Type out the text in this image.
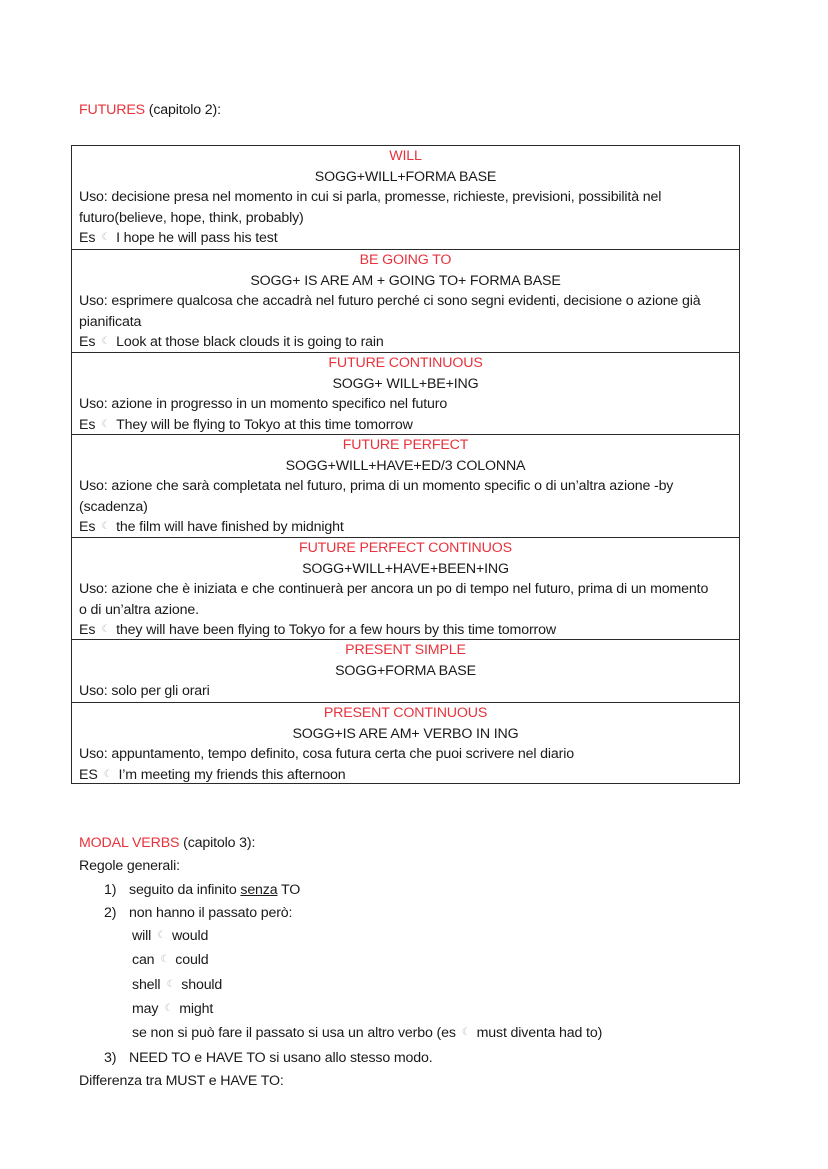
FUTURES (capitolo 2):
WILL
SOGG+WILL+FORMA BASE
Uso: decisione presa nel momento in cui si parla, promesse, richieste, previsioni, possibilità nel futuro(believe, hope, think, probably)
Es ☾ I hope he will pass his test
BE GOING TO
SOGG+ IS ARE AM + GOING TO+ FORMA BASE
Uso: esprimere qualcosa che accadrà nel futuro perché ci sono segni evidenti, decisione o azione già pianificata
Es ☾ Look at those black clouds it is going to rain
FUTURE CONTINUOUS
SOGG+ WILL+BE+ING
Uso: azione in progresso in un momento specifico nel futuro
Es ☾ They will be flying to Tokyo at this time tomorrow
FUTURE PERFECT
SOGG+WILL+HAVE+ED/3 COLONNA
Uso: azione che sarà completata nel futuro, prima di un momento specific o di un’altra azione -by (scadenza)
Es ☾ the film will have finished by midnight
FUTURE PERFECT CONTINUOS
SOGG+WILL+HAVE+BEEN+ING
Uso: azione che è iniziata e che continuerà per ancora un po di tempo nel futuro, prima di un momento o di un’altra azione.
Es ☾ they will have been flying to Tokyo for a few hours by this time tomorrow
PRESENT SIMPLE
SOGG+FORMA BASE
Uso: solo per gli orari
PRESENT CONTINUOUS
SOGG+IS ARE AM+ VERBO IN ING
Uso: appuntamento, tempo definito, cosa futura certa che puoi scrivere nel diario
ES ☾ I’m meeting my friends this afternoon
MODAL VERBS (capitolo 3):
Regole generali:
1) seguito da infinito senza TO
2) non hanno il passato però:
will ☾ would
can ☾ could
shell ☾ should
may ☾ might
se non si può fare il passato si usa un altro verbo (es ☾ must diventa had to)
3) NEED TO e HAVE TO si usano allo stesso modo.
Differenza tra MUST e HAVE TO:
